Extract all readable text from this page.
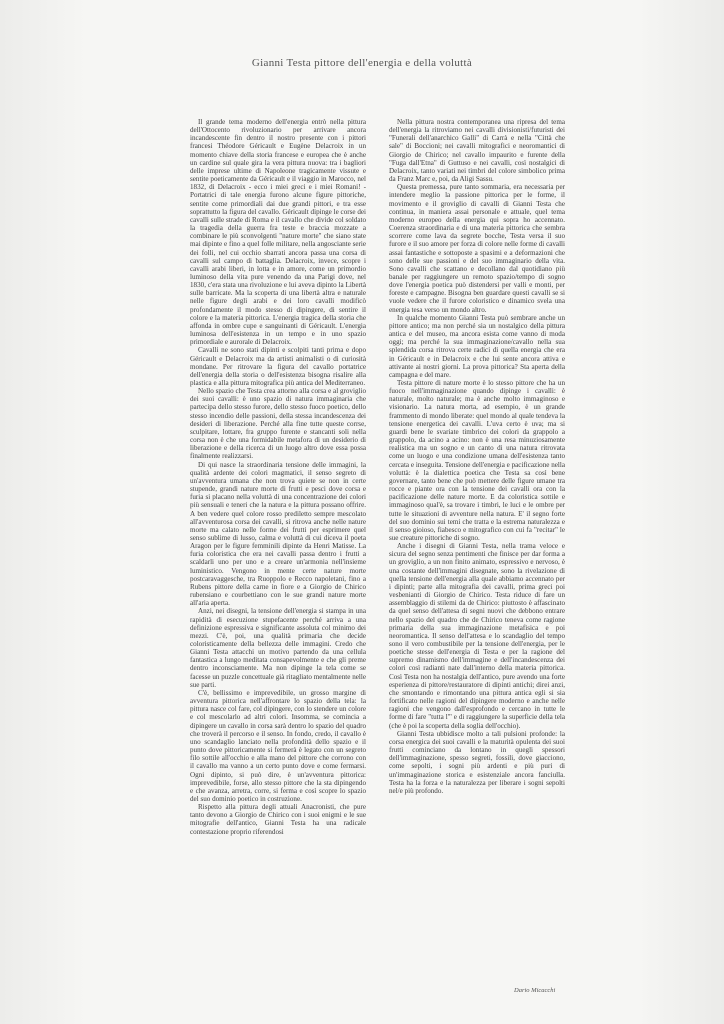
Gianni Testa pittore dell'energia e della voluttà

Il grande tema moderno dell'energia entrò nella pittura dell'Ottocento rivoluzionario per arrivare ancora incandescente fin dentro il nostro presente con i pittori francesi Théodore Géricault e Eugène Delacroix in un momento chiave della storia francese e europea che è anche un cardine sul quale gira la vera pittura nuova: tra i bagliori delle imprese ultime di Napoleone tragicamente vissute e sentite poeticamente da Géricault e il viaggio in Marocco, nel 1832, di Delacroix - ecco i miei greci e i miei Romani! - Portatrici di tale energia furono alcune figure pittoriche, sentite come primordiali dai due grandi pittori, e tra esse soprattutto la figura del cavallo. Géricault dipinge le corse dei cavalli sulle strade di Roma e il cavallo che divide col soldato la tragedia della guerra fra teste e braccia mozzate a combinare le più sconvolgenti "nature morte" che siano state mai dipinte e fino a quel folle militare, nella angosciante serie dei folli, nel cui occhio sbarrati ancora passa una corsa di cavalli sul campo di battaglia. Delacroix, invece, scopre i cavalli arabi liberi, in lotta e in amore, come un primordio luminoso della vita pure venendo da una Parigi dove, nel 1830, c'era stata una rivoluzione e lui aveva dipinto la Libertà sulle barricate. Ma la scoperta di una libertà altra e naturale nelle figure degli arabi e dei loro cavalli modificò profondamente il modo stesso di dipingere, di sentire il colore e la materia pittorica. L'energia tragica della storia che affonda in ombre cupe e sanguinanti di Géricault. L'energia luminosa dell'esistenza in un tempo e in uno spazio primordiale e aurorale di Delacroix.

Cavalli ne sono stati dipinti e scolpiti tanti prima e dopo Géricault e Delacroix ma da artisti animalisti o di curiosità mondane. Per ritrovare la figura del cavallo portatrice dell'energia della storia o dell'esistenza bisogna risalire alla plastica e alla pittura mitografica più antica del Mediterraneo.

Nello spazio che Testa crea attorno alla corsa e al groviglio dei suoi cavalli: è uno spazio di natura immaginaria che partecipa dello stesso furore, dello stesso fuoco poetico, dello stesso incendio delle passioni, della stessa incandescenza dei desideri di liberazione. Perché alla fine tutte queste corrse, sculpitare, lottare, fra gruppo furente e stancanti soli nella corsa non è che una formidabile metafora di un desiderio di liberazione e della ricerca di un luogo altro dove essa possa finalmente realizzarsi.

Di qui nasce la straordinaria tensione delle immagini, la qualità ardente dei colori magmatici, il senso segreto di un'avventura umana che non trova quiete se non in certe stupende, grandi nature morte di frutti e pesci dove corsa e furia si placano nella voluttà di una concentrazione dei colori più sensuali e teneri che la natura e la pittura possano offrire. A ben vedere quel colore rosso prediletto sempre mescolato all'avventurosa corsa dei cavalli, si ritrova anche nelle nature morte ma calato nelle forme dei frutti per esprimere quel senso sublime di lusso, calma e voluttà di cui diceva il poeta Aragon per le figure femminili dipinte da Henri Matisse. La furia coloristica che era nei cavalli passa dentro i frutti a scaldarli uno per uno e a creare un'armonia nell'insieme luministico. Vengono in mente certe nature morte postcaravaggesche, tra Ruoppolo e Recco napoletani, fino a Rubens pittore della carne in fiore e a Giorgio de Chirico rubensiano e courbettiano con le sue grandi nature morte all'aria aperta.

Anzi, nei disegni, la tensione dell'energia si stampa in una rapidità di esecuzione stupefacente perché arriva a una definizione espressiva e significante assoluta col minimo dei mezzi. C'è, poi, una qualità primaria che decide coloristicamente della bellezza delle immagini. Credo che Gianni Testa attacchi un motivo partendo da una cellula fantastica a lungo meditata consapevolmente e che gli preme dentro inconsciamente. Ma non dipinge la tela come se facesse un puzzle concettuale già ritagliato mentalmente nelle sue parti.

C'è, bellissimo e imprevedibile, un grosso margine di avventura pittorica nell'affrontare lo spazio della tela: la pittura nasce col fare, col dipingere, con lo stendere un colore e col mescolarlo ad altri colori. Insomma, se comincia a dipingere un cavallo in corsa sarà dentro lo spazio del quadro che troverà il percorso e il senso. In fondo, credo, il cavallo è uno scandaglio lanciato nella profondità dello spazio e il punto dove pittoricamente si fermerà è legato con un segreto filo sottile all'occhio e alla mano del pittore che corrono con il cavallo ma vanno a un certo punto dove e come fermarsi. Ogni dipinto, si può dire, è un'avventura pittorica: imprevedibile, forse, allo stesso pittore che la sta dipingendo e che avanza, arretra, corre, si ferma e così scopre lo spazio del suo dominio poetico in costruzione.

Rispetto alla pittura degli attuali Anacronisti, che pure tanto devono a Giorgio de Chirico con i suoi enigmi e le sue mitografie dell'antico, Gianni Testa ha una radicale contestazione proprio riferendosi

Nella pittura nostra contemporanea una ripresa del tema dell'energia la ritroviamo nei cavalli divisionisti/futuristi dei "Funerali dell'anarchico Galli" di Carrà e nella "Città che sale" di Boccioni; nei cavalli mitografici e neoromantici di Giorgio de Chirico; nel cavallo impaurito e furente della "Fuga dall'Etna" di Guttuso e nei cavalli, così nostalgici di Delacroix, tanto variati nei timbri del colore simbolico prima da Franz Marc e, poi, da Aligi Sassu.

Questa premessa, pure tanto sommaria, era necessaria per intendere meglio la passione pittorica per le forme, il movimento e il groviglio di cavalli di Gianni Testa che continua, in maniera assai personale e attuale, quel tema moderno europeo della energia qui sopra ho accennato. Coerenza straordinaria e di una materia pittorica che sembra scorrere come lava da segrete bocche, Testa versa il suo furore e il suo amore per forza di colore nelle forme di cavalli assai fantastiche e sottoposte a spasimi e a deformazioni che sono delle sue passioni e del suo immaginario della vita. Sono cavalli che scattano e decollano dal quotidiano più banale per raggiungere un remoto spazio/tempo di sogno dove l'energia poetica può distendersi per valli e monti, per foreste e campagne. Bisogna ben guardare questi cavalli se si vuole vedere che il furore coloristico e dinamico svela una energia tesa verso un mondo altro.

In qualche momento Gianni Testa può sembrare anche un pittore antico; ma non perché sia un nostalgico della pittura antica e del museo, ma ancora esista come vanno di moda oggi; ma perché la sua immaginazione/cavallo nella sua splendida corsa ritrova certe radici di quella energia che era in Géricault e in Delacroix e che lui sente ancora attiva e attivante ai nostri giorni. La prova pittorica? Sta aperta della campagna e del mare.

Testa pittore di nature morte è lo stesso pittore che ha un fuoco nell'immaginazione quando dipinge i cavalli: è naturale, molto naturale; ma è anche molto immaginoso e visionario. La natura morta, ad esempio, è un grande frammento di mondo liberate: quel mondo al quale tendeva la tensione energetica dei cavalli. L'uva certo è uva; ma si guardi bene le svariate timbrico dei colori da grappolo a grappolo, da acino a acino: non è una resa minuziosamente realistica ma un sogno e un canto di una natura ritrovata come un luogo e una condizione umana dell'esistenza tanto cercata e inseguita. Tensione dell'energia e pacificazione nella voluttà: è la dialettica poetica che Testa sa così bene governare, tanto bene che può mettere delle figure umane tra rocce e piante ora con la tensione dei cavalli ora con la pacificazione delle nature morte. E da coloristica sottile e immaginoso qual'è, sa trovare i timbri, le luci e le ombre per tutte le situazioni di avventure nella natura. E' il segno forte del suo dominio sui temi che tratta e la estrema naturalezza e il senso gioioso, fiabesco e mitografico con cui fa "recitar" le sue creature pittoriche di sogno.

Anche i disegni di Gianni Testa, nella trama veloce e sicura del segno senza pentimenti che finisce per dar forma a un groviglio, a un non finito animato, espressivo e nervoso, è una costante dell'immagini disegnate, sono la rivelazione di quella tensione dell'energia alla quale abbiamo accennato per i dipinti; parte alla mitografia dei cavalli, prima greci poi vesbenianti di Giorgio de Chirico. Testa riduce di fare un assemblaggio di stilemi da de Chirico: piuttosto è affascinato da quel senso dell'attesa di segni nuovi che debbono entrare nello spazio del quadro che de Chirico teneva come ragione primaria della sua immaginazione metafisica e poi neoromantica. Il senso dell'attesa e lo scandaglio del tempo sono il vero combustibile per la tensione dell'energia, per le poetiche stesse dell'energia di Testa e per la ragione del supremo dinamismo dell'immagine e dell'incandescenza dei colori così radianti nate dall'interno della materia pittorica. Così Testa non ha nostalgia dell'antico, pure avendo una forte esperienza di pittore/restauratore di dipinti antichi; direi anzi, che smontando e rimontando una pittura antica egli si sia fortificato nelle ragioni del dipingere moderno e anche nelle ragioni che vengono dall'esprofondo e cercano in tutte le forme di fare "tutta l'" e di raggiungere la superficie della tela (che è poi la scoperta della soglia dell'occhio).

Gianni Testa ubbidisce molto a tali pulsioni profonde: la corsa energica dei suoi cavalli e la maturità opulenta dei suoi frutti cominciano da lontano in quegli spessori dell'immaginazione, spesso segreti, fossili, dove giacciono, come sepolti, i sogni più ardenti e più puri di un'immaginazione storica e esistenziale ancora fanciulla. Testa ha la forza e la naturalezza per liberare i sogni sepolti nel/e più profondo.

Dario Micacchi
